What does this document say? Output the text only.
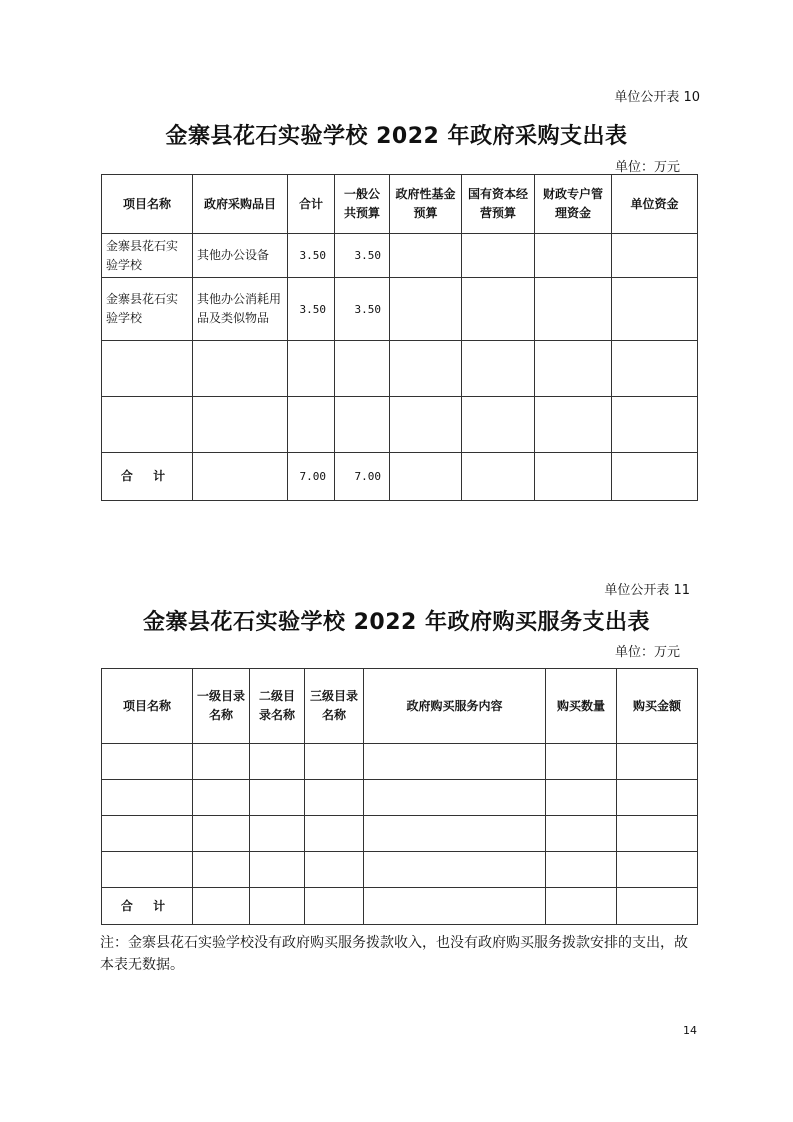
单位公开表 10
金寨县花石实验学校 2022 年政府采购支出表
单位：万元
项目名称	政府采购品目	合计	一般公共预算	政府性基金预算	国有资本经营预算	财政专户管理资金	单位资金
金寨县花石实验学校	其他办公设备	3.50	3.50				
金寨县花石实验学校	其他办公消耗用品及类似物品	3.50	3.50				

合 计		7.00	7.00				
单位公开表 11
金寨县花石实验学校 2022 年政府购买服务支出表
单位：万元
项目名称	一级目录名称	二级目录名称	三级目录名称	政府购买服务内容	购买数量	购买金额

合 计						
注：金寨县花石实验学校没有政府购买服务拨款收入，也没有政府购买服务拨款安排的支出，故本表无数据。
14
